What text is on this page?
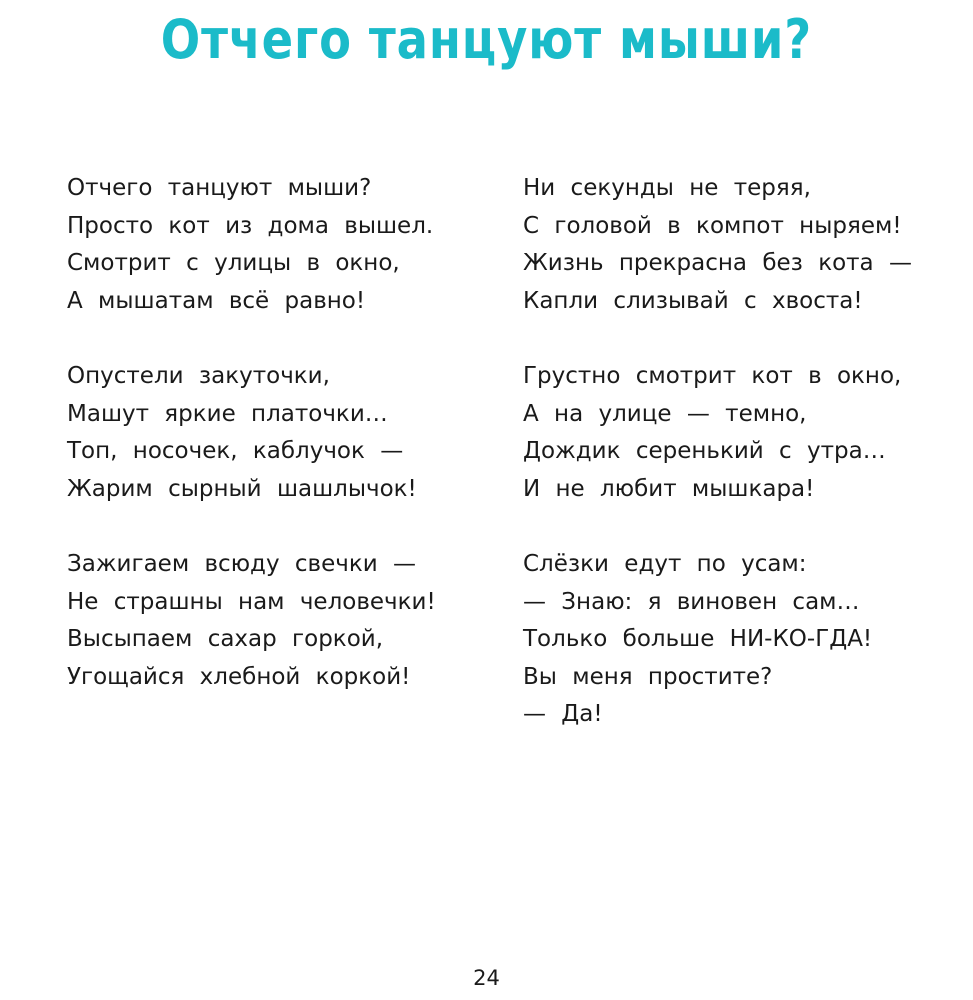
Отчего танцуют мыши?
Отчего танцуют мыши?
Просто кот из дома вышел.
Смотрит с улицы в окно,
А мышатам всё равно!
Опустели закуточки,
Машут яркие платочки…
Топ, носочек, каблучок —
Жарим сырный шашлычок!
Зажигаем всюду свечки —
Не страшны нам человечки!
Высыпаем сахар горкой,
Угощайся хлебной коркой!
Ни секунды не теряя,
С головой в компот ныряем!
Жизнь прекрасна без кота —
Капли слизывай с хвоста!
Грустно смотрит кот в окно,
А на улице — темно,
Дождик серенький с утра…
И не любит мышкара!
Слёзки едут по усам:
— Знаю: я виновен сам…
Только больше НИ-КО-ГДА!
Вы меня простите?
— Да!
24
